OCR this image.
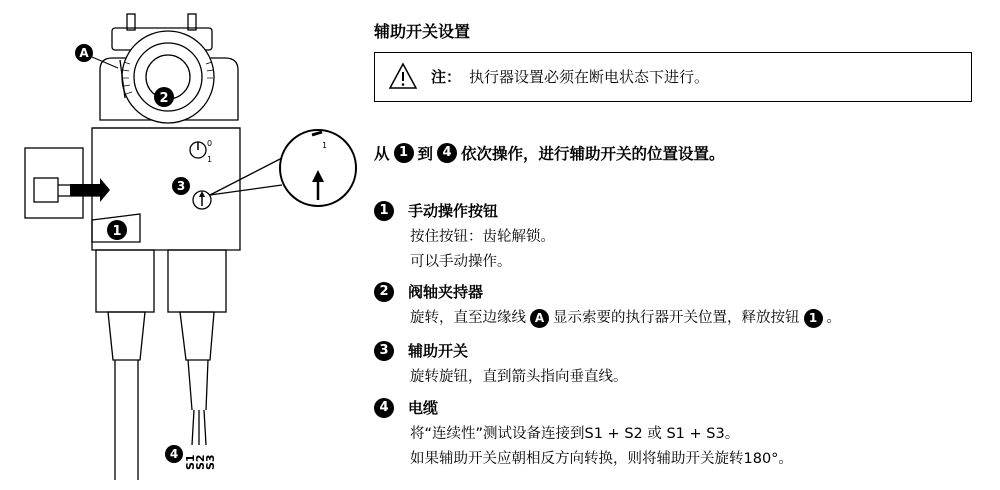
A
2
1
3
4
0
1
1
S1
S2
S3
辅助开关设置
注： 执行器设置必须在断电状态下进行。
从 1 到 4 依次操作，进行辅助开关的位置设置。
1	手动操作按钮
按住按钮：齿轮解锁。
可以手动操作。
2	阀轴夹持器
旋转，直至边缘线 A 显示索要的执行器开关位置，释放按钮 1 。
3	辅助开关
旋转旋钮，直到箭头指向垂直线。
4	电缆
将“连续性”测试设备连接到S1 + S2 或 S1 + S3。
如果辅助开关应朝相反方向转换，则将辅助开关旋转180°。
